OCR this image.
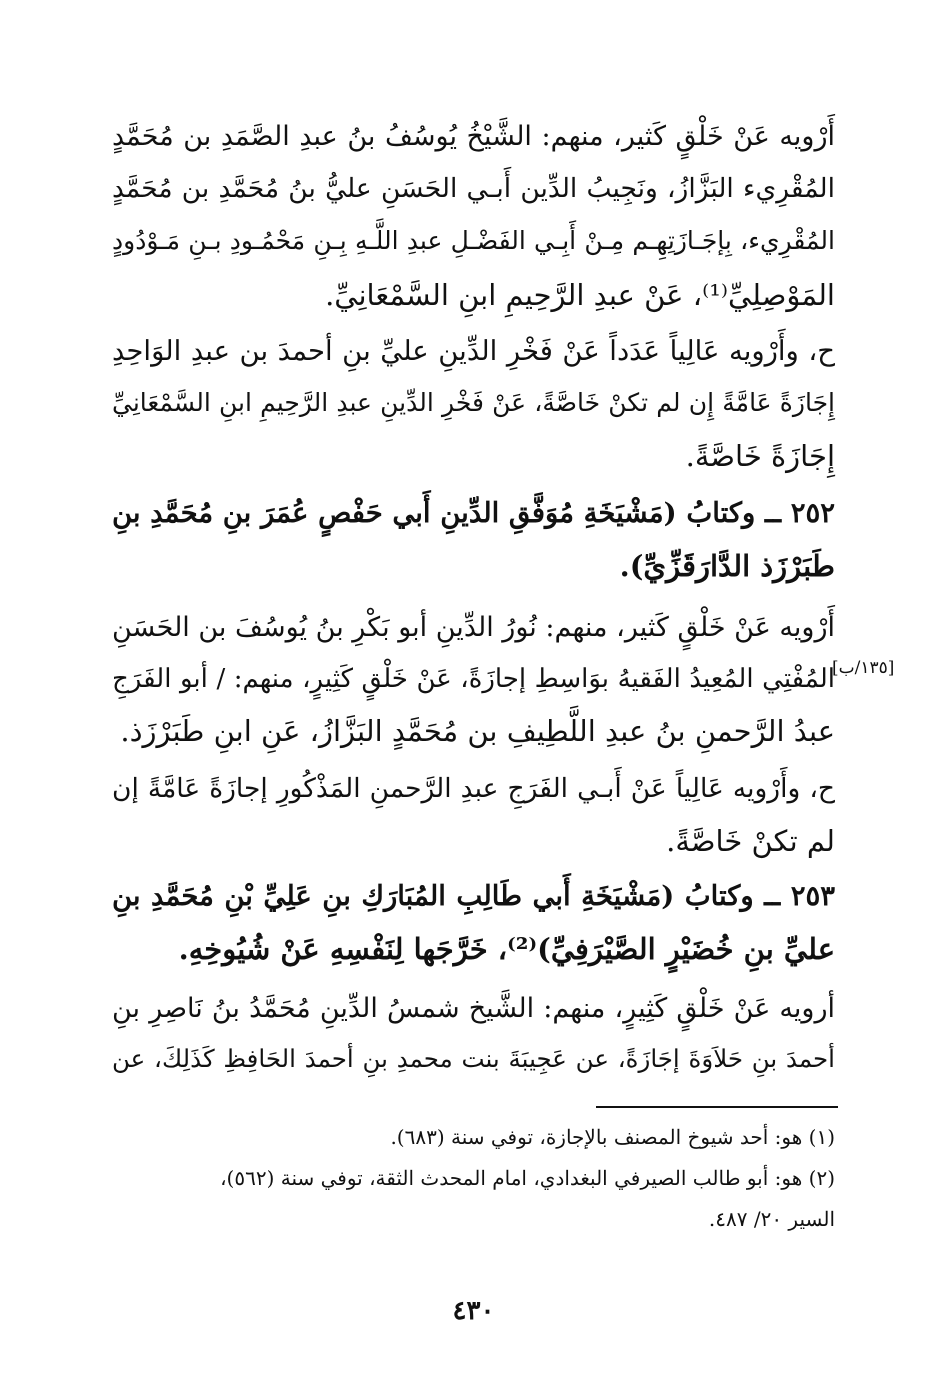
أَرْويه عَنْ خَلْقٍ كَثير، منهم: الشَّيْخُ يُوسُفُ بنُ عبدِ الصَّمَدِ بن مُحَمَّدٍ
المُقْرِيء البَزَّازُ، ونَجِيبُ الدِّين أَبـي الحَسَنِ عليُّ بنُ مُحَمَّدِ بن مُحَمَّدٍ
المُقْرِيء، بِإجَـازَتِهِـم مِـنْ أَبِـي الفَضْـلِ عبدِ اللَّـهِ بِـنِ مَحْمُـودِ بـنِ مَـوْدُودٍ
المَوْصِلِيِّ⁽¹⁾، عَنْ عبدِ الرَّحِيمِ ابنِ السَّمْعَانِيِّ.
ح، وأَرْويه عَالِياً عَدَداً عَنْ فَخْرِ الدِّينِ عليِّ بنِ أحمدَ بن عبدِ الوَاحِدِ
إِجَازَةً عَامَّةً إِن لم تكنْ خَاصَّةً، عَنْ فَخْرِ الدِّينِ عبدِ الرَّحِيمِ ابنِ السَّمْعَانِيِّ
إِجَازَةً خَاصَّةً.
٢٥٢ ــ وكتابُ (مَشْيَخَةِ مُوَفَّقِ الدِّينِ أَبي حَفْصٍ عُمَرَ بنِ مُحَمَّدِ بنِ
طَبَرْزَذ الدَّارَقَزِّيِّ).
أَرْويه عَنْ خَلْقٍ كَثير، منهم: نُورُ الدِّينِ أبو بَكْرِ بنُ يُوسُفَ بن الحَسَنِ
المُفْتِي المُعِيدُ الفَقيهُ بوَاسِطِ إجازَةً، عَنْ خَلْقٍ كَثِيرٍ، منهم: / أبو الفَرَجِ
عبدُ الرَّحمنِ بنُ عبدِ اللَّطِيفِ بن مُحَمَّدٍ البَزَّازُ، عَنِ ابنِ طَبَرْزَذ.
[١٣٥/ب]
ح، وأَرْويه عَالِياً عَنْ أَبـي الفَرَجِ عبدِ الرَّحمنِ المَذْكُورِ إجازَةً عَامَّةً إن
لم تكنْ خَاصَّةً.
٢٥٣ ــ وكتابُ (مَشْيَخَةِ أَبي طَالِبِ المُبَارَكِ بنِ عَلِيِّ بْنِ مُحَمَّدِ بنِ
عليِّ بنِ خُضَيْرٍ الصَّيْرَفِيِّ)⁽²⁾، خَرَّجَها لِنَفْسِهِ عَنْ شُيُوخِهِ.
أرويه عَنْ خَلْقٍ كَثِيرٍ، منهم: الشَّيخ شمسُ الدِّينِ مُحَمَّدُ بنُ نَاصِرِ بنِ
أحمدَ بنِ حَلاَوَةَ إجَازَةً، عن عَجِيبَةَ بنت محمدِ بنِ أحمدَ الحَافِظِ كَذَلِكَ، عن
(١) هو: أحد شيوخ المصنف بالإجازة، توفي سنة (٦٨٣).
(٢) هو: أبو طالب الصيرفي البغدادي، امام المحدث الثقة، توفي سنة (٥٦٢)،
السير ٢٠/ ٤٨٧.
٤٣٠
